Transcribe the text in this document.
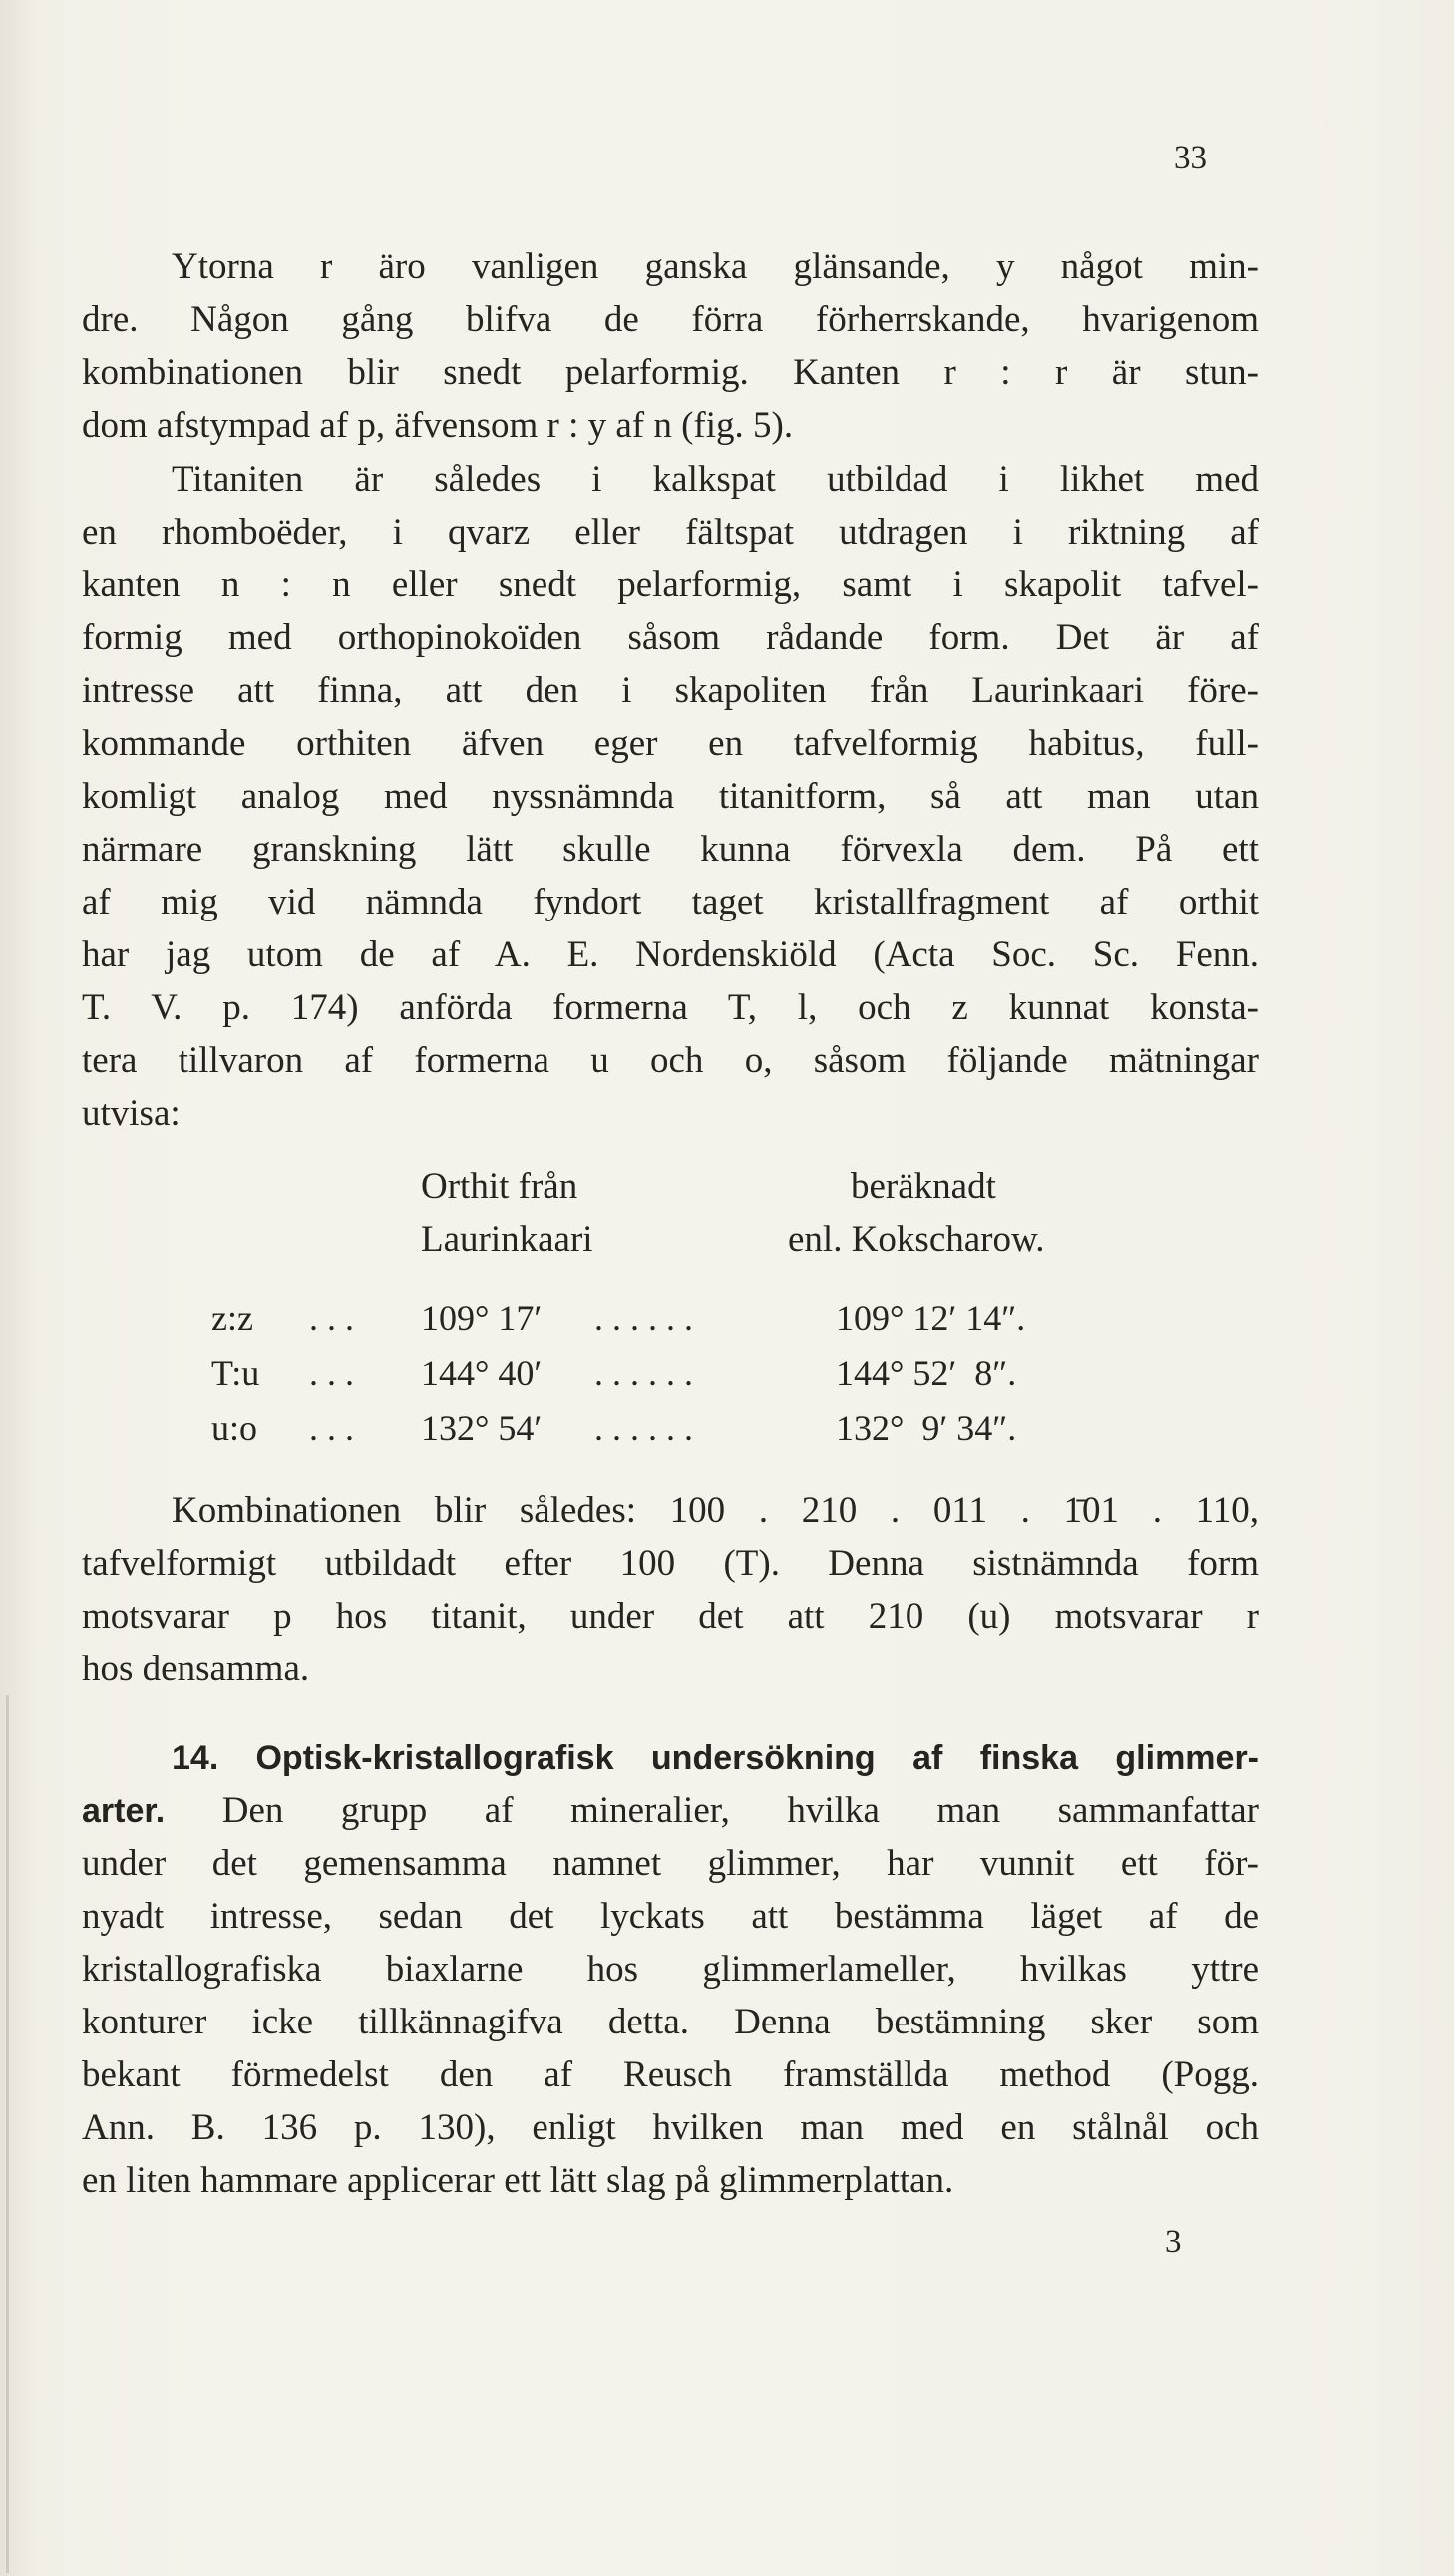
33
Ytorna r äro vanligen ganska glänsande, y något min-
dre. Någon gång blifva de förra förherrskande, hvarigenom
kombinationen blir snedt pelarformig. Kanten r : r är stun-
dom afstympad af p, äfvensom r : y af n (fig. 5).
Titaniten är således i kalkspat utbildad i likhet med
en rhomboëder, i qvarz eller fältspat utdragen i riktning af
kanten n : n eller snedt pelarformig, samt i skapolit tafvel-
formig med orthopinokoïden såsom rådande form. Det är af
intresse att finna, att den i skapoliten från Laurinkaari före-
kommande orthiten äfven eger en tafvelformig habitus, full-
komligt analog med nyssnämnda titanitform, så att man utan
närmare granskning lätt skulle kunna förvexla dem. På ett
af mig vid nämnda fyndort taget kristallfragment af orthit
har jag utom de af A. E. Nordenskiöld (Acta Soc. Sc. Fenn.
T. V. p. 174) anförda formerna T, l, och z kunnat konsta-
tera tillvaron af formerna u och o, såsom följande mätningar
utvisa:
Orthit från
Laurinkaari
beräknadt
enl. Kokscharow.
z:z . . . 109° 17′ . . . . . .	109° 12′ 14″.
T:u . . . 144° 40′ . . . . . .	144° 52′  8″.
u:o . . . 132° 54′ . . . . . .	132°  9′ 34″.
Kombinationen blir således: 100 . 210 . 011 . 1̄01 . 110,
tafvelformigt utbildadt efter 100 (T). Denna sistnämnda form
motsvarar p hos titanit, under det att 210 (u) motsvarar r
hos densamma.
14. Optisk-kristallografisk undersökning af finska glimmer-
arter. Den grupp af mineralier, hvilka man sammanfattar
under det gemensamma namnet glimmer, har vunnit ett för-
nyadt intresse, sedan det lyckats att bestämma läget af de
kristallografiska biaxlarne hos glimmerlameller, hvilkas yttre
konturer icke tillkännagifva detta. Denna bestämning sker som
bekant förmedelst den af Reusch framställda method (Pogg.
Ann. B. 136 p. 130), enligt hvilken man med en stålnål och
en liten hammare applicerar ett lätt slag på glimmerplattan.
3
